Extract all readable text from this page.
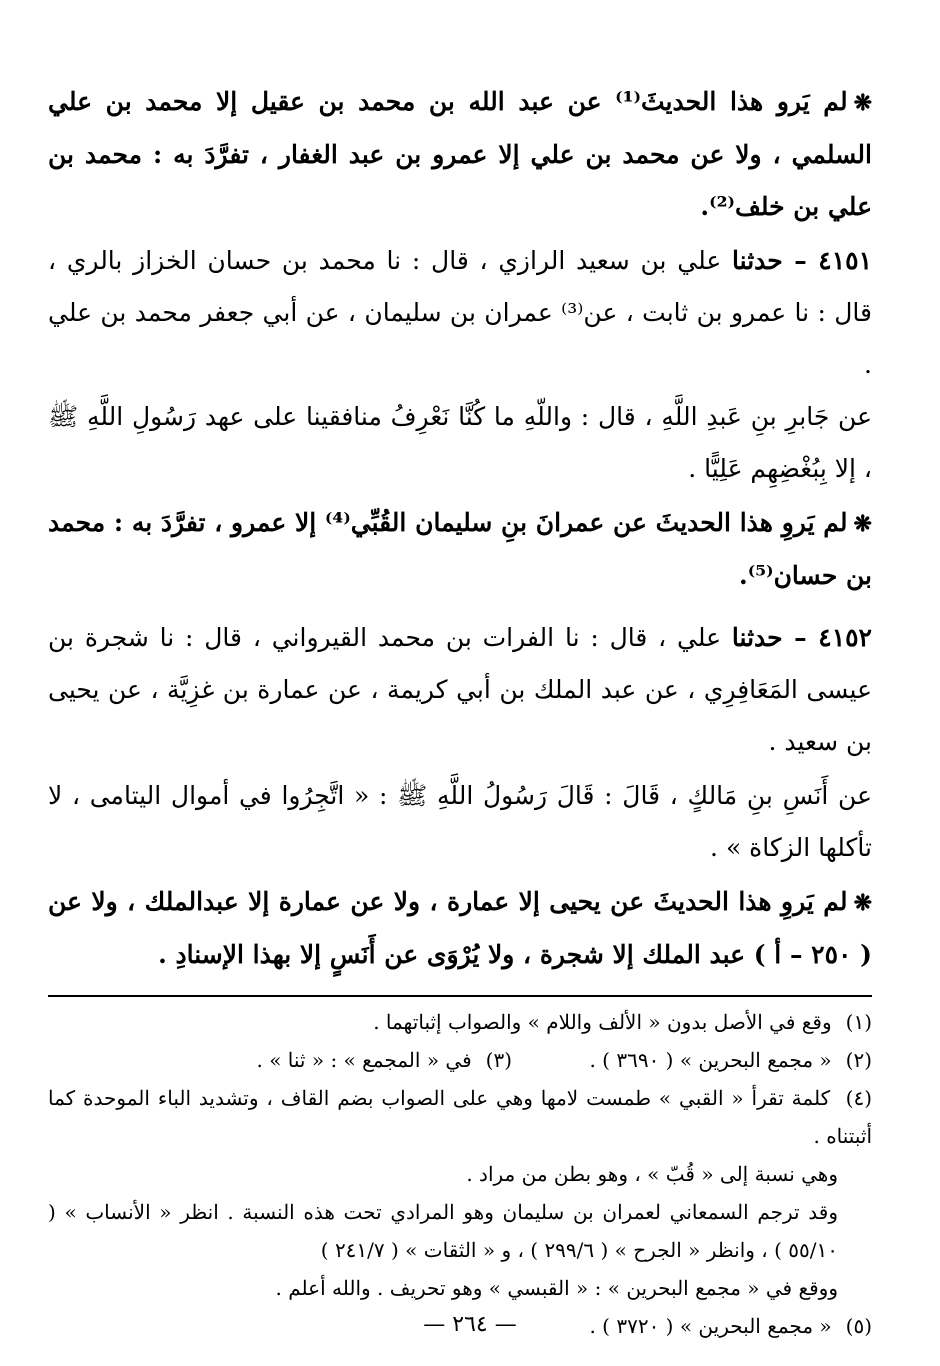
❋لم يَرو هذا الحديثَ⁽¹⁾ عن عبد الله بن محمد بن عقيل إلا محمد بن علي السلمي ، ولا عن محمد بن علي إلا عمرو بن عبد الغفار ، تفرَّدَ به : محمد بن علي بن خلف⁽²⁾.

٤١٥١ – حدثنا علي بن سعيد الرازي ، قال : نا محمد بن حسان الخزاز بالري ، قال : نا عمرو بن ثابت ، عن⁽³⁾ عمران بن سليمان ، عن أبي جعفر محمد بن علي .

عن جَابرِ بنِ عَبدِ اللَّهِ ، قال : واللّهِ ما كُنَّا نَعْرِفُ منافقينا على عهد رَسُولِ اللَّهِ ﷺ ، إلا بِبُغْضِهِم عَلِيًّا .

❋لم يَروِ هذا الحديثَ عن عمرانَ بنِ سليمان القُبِّي⁽⁴⁾ إلا عمرو ، تفرَّدَ به : محمد بن حسان⁽⁵⁾.

٤١٥٢ – حدثنا علي ، قال : نا الفرات بن محمد القيرواني ، قال : نا شجرة بن عيسى المَعَافِرِي ، عن عبد الملك بن أبي كريمة ، عن عمارة بن غزِيَّة ، عن يحيى بن سعيد .

عن أَنَسِ بنِ مَالكٍ ، قَالَ : قَالَ رَسُولُ اللَّهِ ﷺ : « اتَّجِرُوا في أموال اليتامى ، لا تأكلها الزكاة » .

❋لم يَروِ هذا الحديثَ عن يحيى إلا عمارة ، ولا عن عمارة إلا عبدالملك ، ولا عن ( ٢٥٠ – أ ) عبد الملك إلا شجرة ، ولا يُرْوَى عن أَنَسٍ إلا بهذا الإسنادِ .

(١) وقع في الأصل بدون « الألف واللام » والصواب إثباتهما .

(٢) « مجمع البحرين » ( ٣٦٩٠ ) .
(٣) في « المجمع » : « ثنا » .

(٤) كلمة تقرأ « القبي » طمست لامها وهي على الصواب بضم القاف ، وتشديد الباء الموحدة كما أثبتناه .

وهي نسبة إلى « قُبّ » ، وهو بطن من مراد .

وقد ترجم السمعاني لعمران بن سليمان وهو المرادي تحت هذه النسبة . انظر « الأنساب » ( ٥٥/١٠ ) ، وانظر « الجرح » ( ٢٩٩/٦ ) ، و « الثقات » ( ٢٤١/٧ )

ووقع في « مجمع البحرين » : « القبسي » وهو تحريف . والله أعلم .

(٥) « مجمع البحرين » ( ٣٧٢٠ ) .

— ٢٦٤ —
